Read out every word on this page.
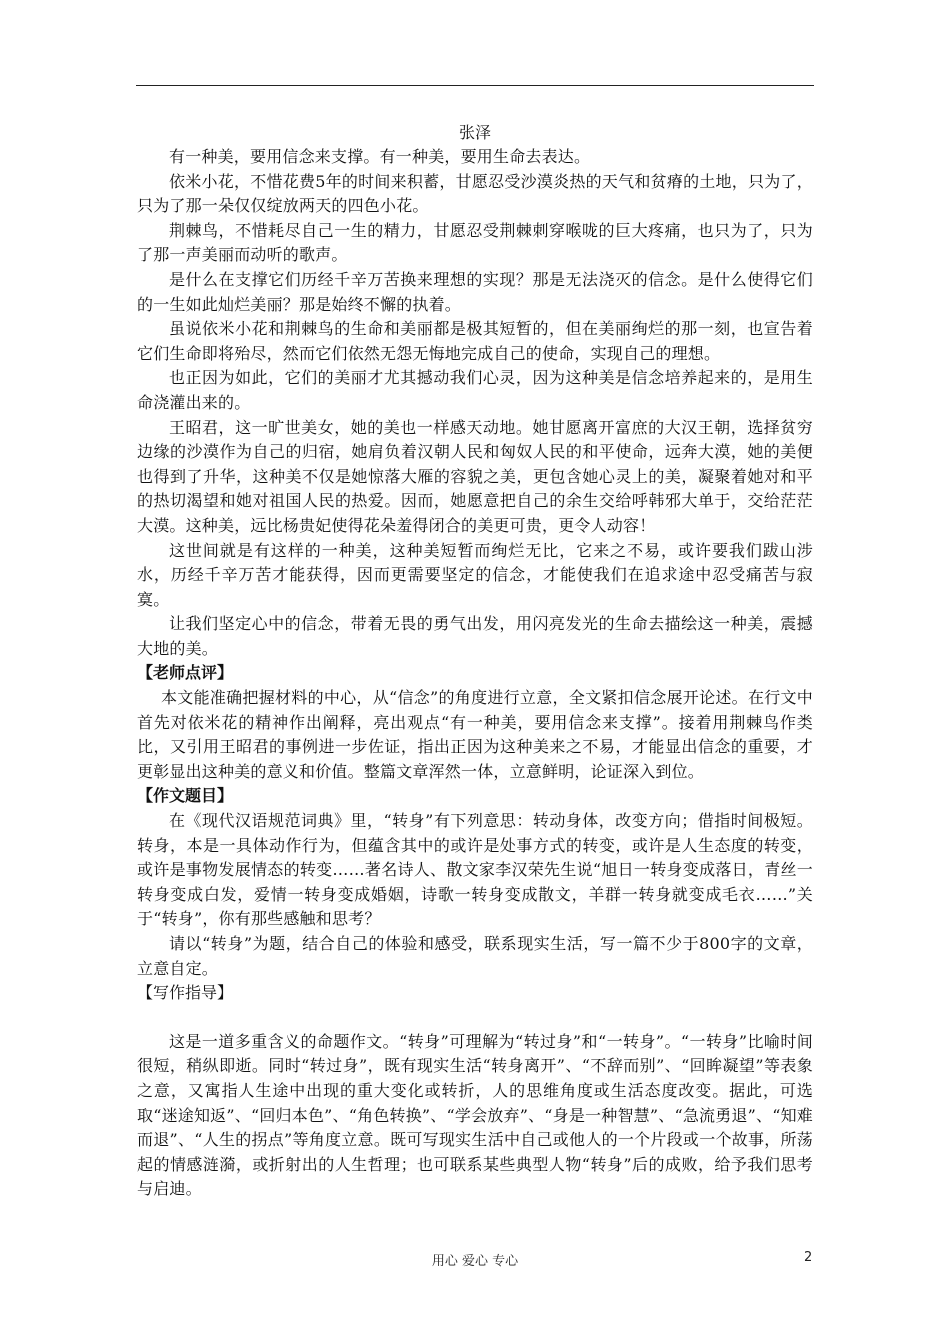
张泽

有一种美，要用信念来支撑。有一种美，要用生命去表达。

依米小花，不惜花费5年的时间来积蓄，甘愿忍受沙漠炎热的天气和贫瘠的土地，只为了，只为了那一朵仅仅绽放两天的四色小花。

荆棘鸟，不惜耗尽自己一生的精力，甘愿忍受荆棘刺穿喉咙的巨大疼痛，也只为了，只为了那一声美丽而动听的歌声。

是什么在支撑它们历经千辛万苦换来理想的实现？那是无法浇灭的信念。是什么使得它们的一生如此灿烂美丽？那是始终不懈的执着。

虽说依米小花和荆棘鸟的生命和美丽都是极其短暂的，但在美丽绚烂的那一刻，也宣告着它们生命即将殆尽，然而它们依然无怨无悔地完成自己的使命，实现自己的理想。

也正因为如此，它们的美丽才尤其撼动我们心灵，因为这种美是信念培养起来的，是用生命浇灌出来的。

王昭君，这一旷世美女，她的美也一样感天动地。她甘愿离开富庶的大汉王朝，选择贫穷边缘的沙漠作为自己的归宿，她肩负着汉朝人民和匈奴人民的和平使命，远奔大漠，她的美便也得到了升华，这种美不仅是她惊落大雁的容貌之美，更包含她心灵上的美，凝聚着她对和平的热切渴望和她对祖国人民的热爱。因而，她愿意把自己的余生交给呼韩邪大单于，交给茫茫大漠。这种美，远比杨贵妃使得花朵羞得闭合的美更可贵，更令人动容！

这世间就是有这样的一种美，这种美短暂而绚烂无比，它来之不易，或许要我们跋山涉水，历经千辛万苦才能获得，因而更需要坚定的信念，才能使我们在追求途中忍受痛苦与寂寞。

让我们坚定心中的信念，带着无畏的勇气出发，用闪亮发光的生命去描绘这一种美，震撼大地的美。

【老师点评】

本文能准确把握材料的中心，从“信念”的角度进行立意，全文紧扣信念展开论述。在行文中首先对依米花的精神作出阐释，亮出观点“有一种美，要用信念来支撑”。接着用荆棘鸟作类比，又引用王昭君的事例进一步佐证，指出正因为这种美来之不易，才能显出信念的重要，才更彰显出这种美的意义和价值。整篇文章浑然一体，立意鲜明，论证深入到位。

【作文题目】

在《现代汉语规范词典》里，“转身”有下列意思：转动身体，改变方向；借指时间极短。转身，本是一具体动作行为，但蕴含其中的或许是处事方式的转变，或许是人生态度的转变，或许是事物发展情态的转变……著名诗人、散文家李汉荣先生说“旭日一转身变成落日，青丝一转身变成白发，爱情一转身变成婚姻，诗歌一转身变成散文，羊群一转身就变成毛衣……”关于“转身”，你有那些感触和思考？

请以“转身”为题，结合自己的体验和感受，联系现实生活，写一篇不少于800字的文章，立意自定。

【写作指导】

这是一道多重含义的命题作文。“转身”可理解为“转过身”和“一转身”。“一转身”比喻时间很短，稍纵即逝。同时“转过身”，既有现实生活“转身离开”、“不辞而别”、“回眸凝望”等表象之意，又寓指人生途中出现的重大变化或转折，人的思维角度或生活态度改变。据此，可选取“迷途知返”、“回归本色”、“角色转换”、“学会放弃”、“身是一种智慧”、“急流勇退”、“知难而退”、“人生的拐点”等角度立意。既可写现实生活中自己或他人的一个片段或一个故事，所荡起的情感涟漪，或折射出的人生哲理；也可联系某些典型人物“转身”后的成败，给予我们思考与启迪。

用心 爱心 专心	2
